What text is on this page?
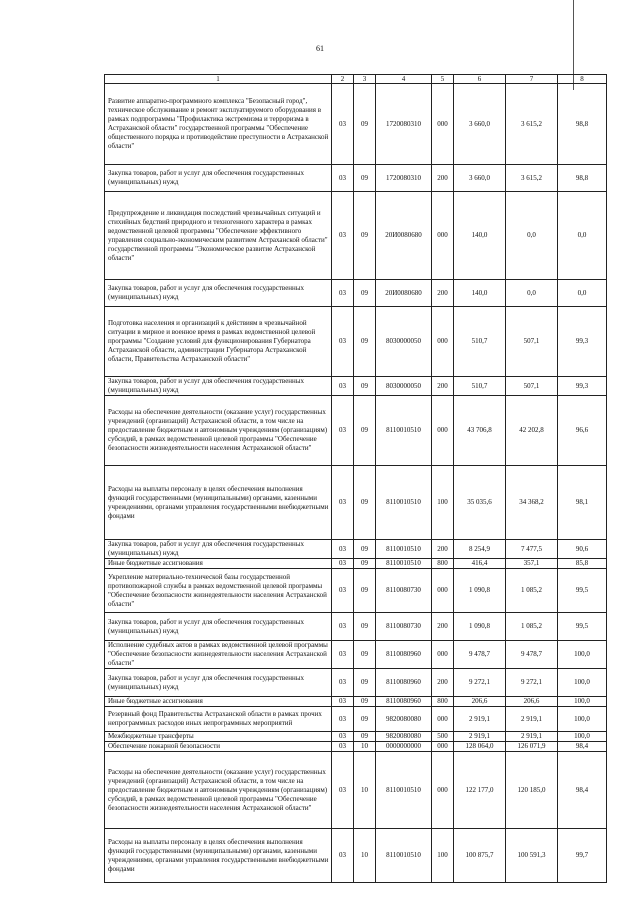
61
1	2	3	4	5	6	7	8
Развитие аппаратно-программного комплекса "Безопасный город", техническое обслуживание и ремонт эксплуатируемого оборудования в рамках подпрограммы "Профилактика экстремизма и терроризма в Астраханской области" государственной программы "Обеспечение общественного порядка и противодействие преступности в Астраханской области"	03	09	1720080310	000	3 660,0	3 615,2	98,8
Закупка товаров, работ и услуг для обеспечения государственных (муниципальных) нужд	03	09	1720080310	200	3 660,0	3 615,2	98,8
Предупреждение и ликвидация последствий чрезвычайных ситуаций и стихийных бедствий природного и техногенного характера в рамках ведомственной целевой программы "Обеспечение эффективного управления социально-экономическим развитием Астраханской области" государственной программы "Экономическое развитие Астраханской области"	03	09	20И0080680	000	140,0	0,0	0,0
Закупка товаров, работ и услуг для обеспечения государственных (муниципальных) нужд	03	09	20И0080680	200	140,0	0,0	0,0
Подготовка населения и организаций к действиям в чрезвычайной ситуации в мирное и военное время в рамках ведомственной целевой программы "Создание условий для функционирования Губернатора Астраханской области, администрации Губернатора Астраханской области, Правительства Астраханской области"	03	09	8030000050	000	510,7	507,1	99,3
Закупка товаров, работ и услуг для обеспечения государственных (муниципальных) нужд	03	09	8030000050	200	510,7	507,1	99,3
Расходы на обеспечение деятельности (оказание услуг) государственных учреждений (организаций) Астраханской области, в том числе на предоставление бюджетным и автономным учреждениям (организациям) субсидий, в рамках ведомственной целевой программы "Обеспечение безопасности жизнедеятельности населения Астраханской области"	03	09	8110010510	000	43 706,8	42 202,8	96,6
Расходы на выплаты персоналу в целях обеспечения выполнения функций государственными (муниципальными) органами, казенными учреждениями, органами управления государственными внебюджетными фондами	03	09	8110010510	100	35 035,6	34 368,2	98,1
Закупка товаров, работ и услуг для обеспечения государственных (муниципальных) нужд	03	09	8110010510	200	8 254,9	7 477,5	90,6
Иные бюджетные ассигнования	03	09	8110010510	800	416,4	357,1	85,8
Укрепление материально-технической базы государственной противопожарной службы в рамках ведомственной целевой программы "Обеспечение безопасности жизнедеятельности населения Астраханской области"	03	09	8110080730	000	1 090,8	1 085,2	99,5
Закупка товаров, работ и услуг для обеспечения государственных (муниципальных) нужд	03	09	8110080730	200	1 090,8	1 085,2	99,5
Исполнение судебных актов в рамках ведомственной целевой программы "Обеспечение безопасности жизнедеятельности населения Астраханской области"	03	09	8110080960	000	9 478,7	9 478,7	100,0
Закупка товаров, работ и услуг для обеспечения государственных (муниципальных) нужд	03	09	8110080960	200	9 272,1	9 272,1	100,0
Иные бюджетные ассигнования	03	09	8110080960	800	206,6	206,6	100,0
Резервный фонд Правительства Астраханской области в рамках прочих непрограммных расходов иных непрограммных мероприятий	03	09	9820080080	000	2 919,1	2 919,1	100,0
Межбюджетные трансферты	03	09	9820080080	500	2 919,1	2 919,1	100,0
Обеспечение пожарной безопасности	03	10	0000000000	000	128 064,0	126 071,9	98,4
Расходы на обеспечение деятельности (оказание услуг) государственных учреждений (организаций) Астраханской области, в том числе на предоставление бюджетным и автономным учреждениям (организациям) субсидий, в рамках ведомственной целевой программы "Обеспечение безопасности жизнедеятельности населения Астраханской области"	03	10	8110010510	000	122 177,0	120 185,0	98,4
Расходы на выплаты персоналу в целях обеспечения выполнения функций государственными (муниципальными) органами, казенными учреждениями, органами управления государственными внебюджетными фондами	03	10	8110010510	100	100 875,7	100 591,3	99,7
